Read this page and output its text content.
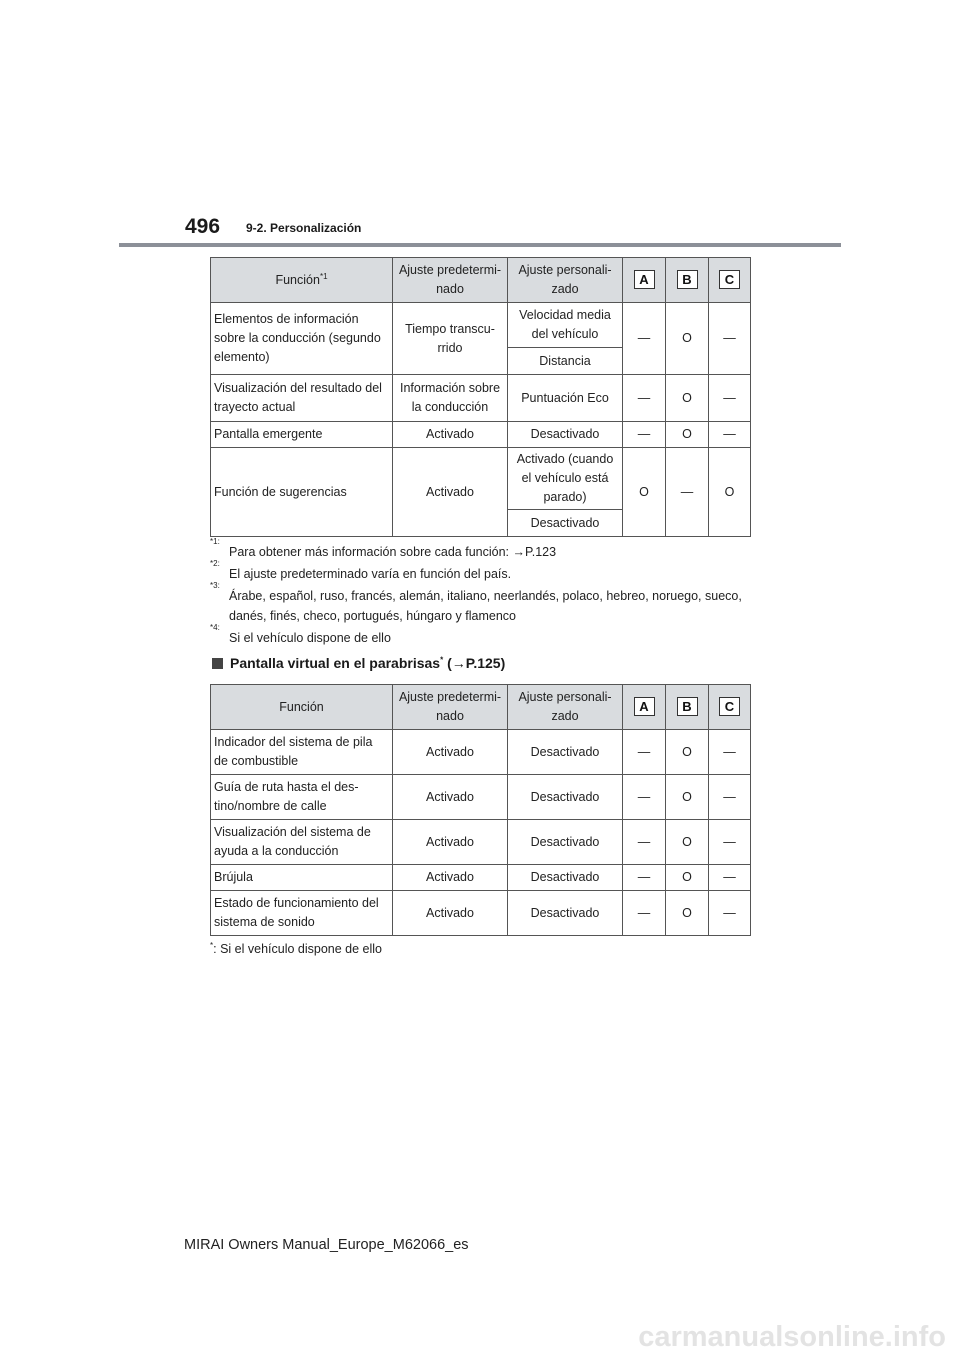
496 9-2. Personalización
Función$^{*1}$	Ajuste predetermi-nado	Ajuste personali-zado	A	B	C
Elementos de información sobre la conducción (segundo elemento)	Tiempo transcu-rrido	Velocidad media del vehículo	—	O	—
		Distancia			
Visualización del resultado del trayecto actual	Información sobre la conducción	Puntuación Eco	—	O	—
Pantalla emergente	Activado	Desactivado	—	O	—
Función de sugerencias	Activado	Activado (cuando el vehículo está parado)	O	—	O
		Desactivado			
*1:
Para obtener más información sobre cada función: →P.123
*2:
El ajuste predeterminado varía en función del país.
*3:
Árabe, español, ruso, francés, alemán, italiano, neerlandés, polaco, hebreo, noruego, sueco, danés, finés, checo, portugués, húngaro y flamenco
*4:
Si el vehículo dispone de ello
Pantalla virtual en el parabrisas* (→P.125)
Función	Ajuste predetermi-nado	Ajuste personali-zado	A	B	C
Indicador del sistema de pila de combustible	Activado	Desactivado	—	O	—
Guía de ruta hasta el des-tino/nombre de calle	Activado	Desactivado	—	O	—
Visualización del sistema de ayuda a la conducción	Activado	Desactivado	—	O	—
Brújula	Activado	Desactivado	—	O	—
Estado de funcionamiento del sistema de sonido	Activado	Desactivado	—	O	—
*: Si el vehículo dispone de ello
MIRAI Owners Manual_Europe_M62066_es
carmanualsonline.info
